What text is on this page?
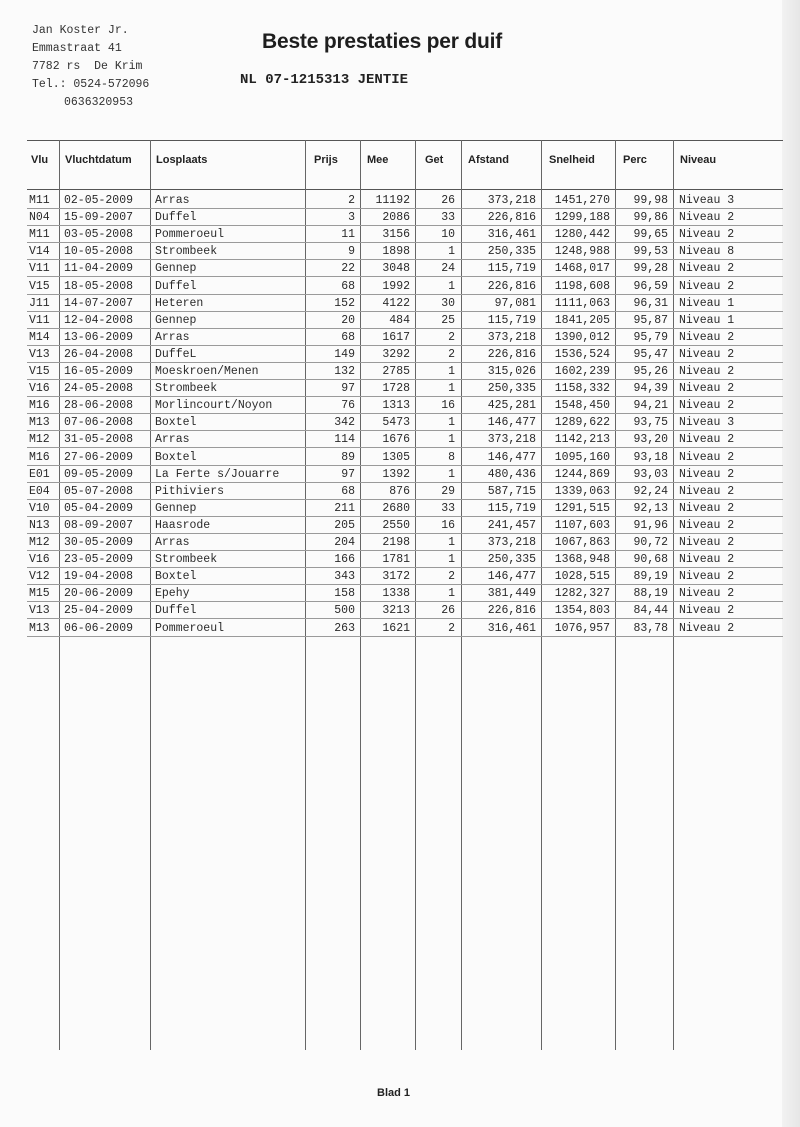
Jan Koster Jr.
Emmastraat 41
7782 rs  De Krim
Tel.: 0524-572096
0636320953
Beste prestaties per duif
NL 07-1215313 JENTIE
Vlu Vluchtdatum Losplaats	Prijs	Mee	Get Afstand	Snelheid	Perc	Niveau
M11	02-05-2009	Arras	2	11192	26	373,218	1451,270	99,98 Niveau 3
N04	15-09-2007	Duffel	3	2086	33	226,816	1299,188	99,86 Niveau 2
M11	03-05-2008	Pommeroeul	11	3156	10	316,461	1280,442	99,65 Niveau 2
V14	10-05-2008	Strombeek	9	1898	1	250,335	1248,988	99,53 Niveau 8
V11	11-04-2009	Gennep	22	3048	24	115,719	1468,017	99,28 Niveau 2
V15	18-05-2008	Duffel	68	1992	1	226,816	1198,608	96,59 Niveau 2
J11	14-07-2007	Heteren	152	4122	30	97,081	1111,063	96,31 Niveau 1
V11	12-04-2008	Gennep	20	484	25	115,719	1841,205	95,87 Niveau 1
M14	13-06-2009	Arras	68	1617	2	373,218	1390,012	95,79 Niveau 2
V13	26-04-2008	DuffeL	149	3292	2	226,816	1536,524	95,47 Niveau 2
V15	16-05-2009	Moeskroen/Menen	132	2785	1	315,026	1602,239	95,26 Niveau 2
V16	24-05-2008	Strombeek	97	1728	1	250,335	1158,332	94,39 Niveau 2
M16	28-06-2008	Morlincourt/Noyon	76	1313	16	425,281	1548,450	94,21 Niveau 2
M13	07-06-2008	Boxtel	342	5473	1	146,477	1289,622	93,75 Niveau 3
M12	31-05-2008	Arras	114	1676	1	373,218	1142,213	93,20 Niveau 2
M16	27-06-2009	Boxtel	89	1305	8	146,477	1095,160	93,18 Niveau 2
E01	09-05-2009	La Ferte s/Jouarre	97	1392	1	480,436	1244,869	93,03 Niveau 2
E04	05-07-2008	Pithiviers	68	876	29	587,715	1339,063	92,24 Niveau 2
V10	05-04-2009	Gennep	211	2680	33	115,719	1291,515	92,13 Niveau 2
N13	08-09-2007	Haasrode	205	2550	16	241,457	1107,603	91,96 Niveau 2
M12	30-05-2009	Arras	204	2198	1	373,218	1067,863	90,72 Niveau 2
V16	23-05-2009	Strombeek	166	1781	1	250,335	1368,948	90,68 Niveau 2
V12	19-04-2008	Boxtel	343	3172	2	146,477	1028,515	89,19 Niveau 2
M15	20-06-2009	Epehy	158	1338	1	381,449	1282,327	88,19 Niveau 2
V13	25-04-2009	Duffel	500	3213	26	226,816	1354,803	84,44 Niveau 2
M13	06-06-2009	Pommeroeul	263	1621	2	316,461	1076,957	83,78 Niveau 2
Blad 1
